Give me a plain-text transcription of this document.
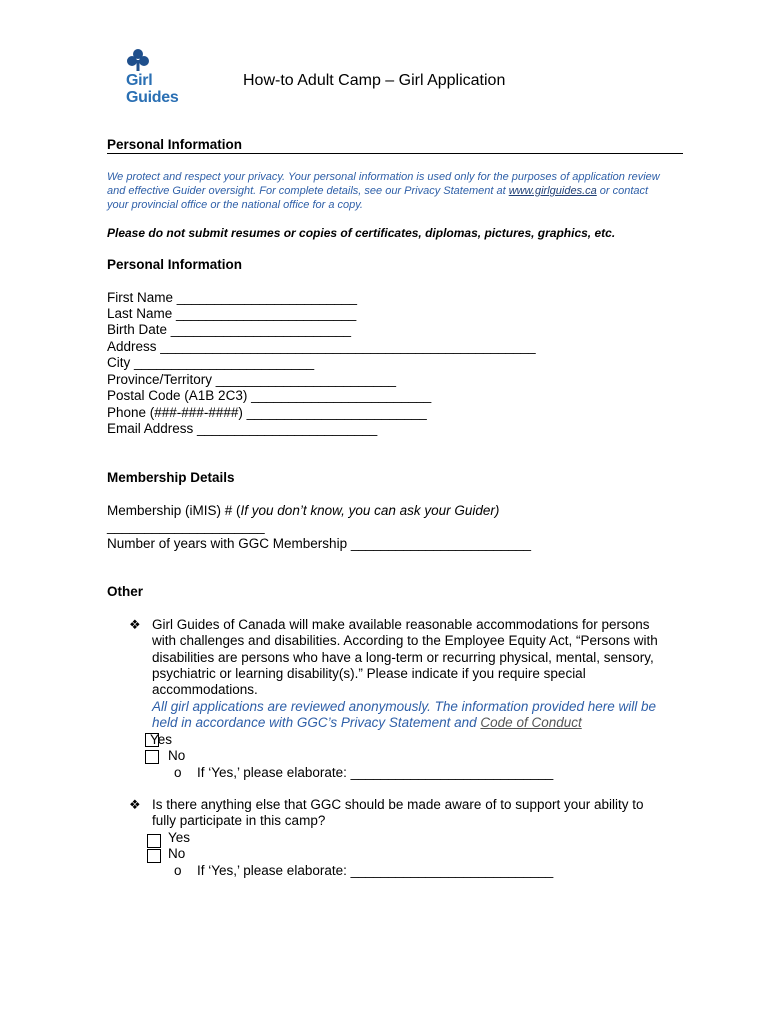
Girl
Guides
How-to Adult Camp – Girl Application
Personal Information
We protect and respect your privacy. Your personal information is used only for the purposes of application review
and effective Guider oversight. For complete details, see our Privacy Statement at www.girlguides.ca or contact
your provincial office or the national office for a copy.
Please do not submit resumes or copies of certificates, diplomas, pictures, graphics, etc.
Personal Information
First Name ________________________
Last Name ________________________
Birth Date ________________________
Address __________________________________________________
City ________________________
Province/Territory ________________________
Postal Code (A1B 2C3) ________________________
Phone (###-###-####) ________________________
Email Address ________________________
Membership Details
Membership (iMIS) # (If you don’t know, you can ask your Guider)
_____________________
Number of years with GGC Membership ________________________
Other
❖ Girl Guides of Canada will make available reasonable accommodations for persons
with challenges and disabilities. According to the Employee Equity Act, “Persons with
disabilities are persons who have a long-term or recurring physical, mental, sensory,
psychiatric or learning disability(s).” Please indicate if you require special
accommodations.
All girl applications are reviewed anonymously. The information provided here will be
held in accordance with GGC’s Privacy Statement and Code of Conduct
Yes
No
o If ‘Yes,’ please elaborate: ___________________________
❖ Is there anything else that GGC should be made aware of to support your ability to
fully participate in this camp?
Yes
No
o If ‘Yes,’ please elaborate: ___________________________
